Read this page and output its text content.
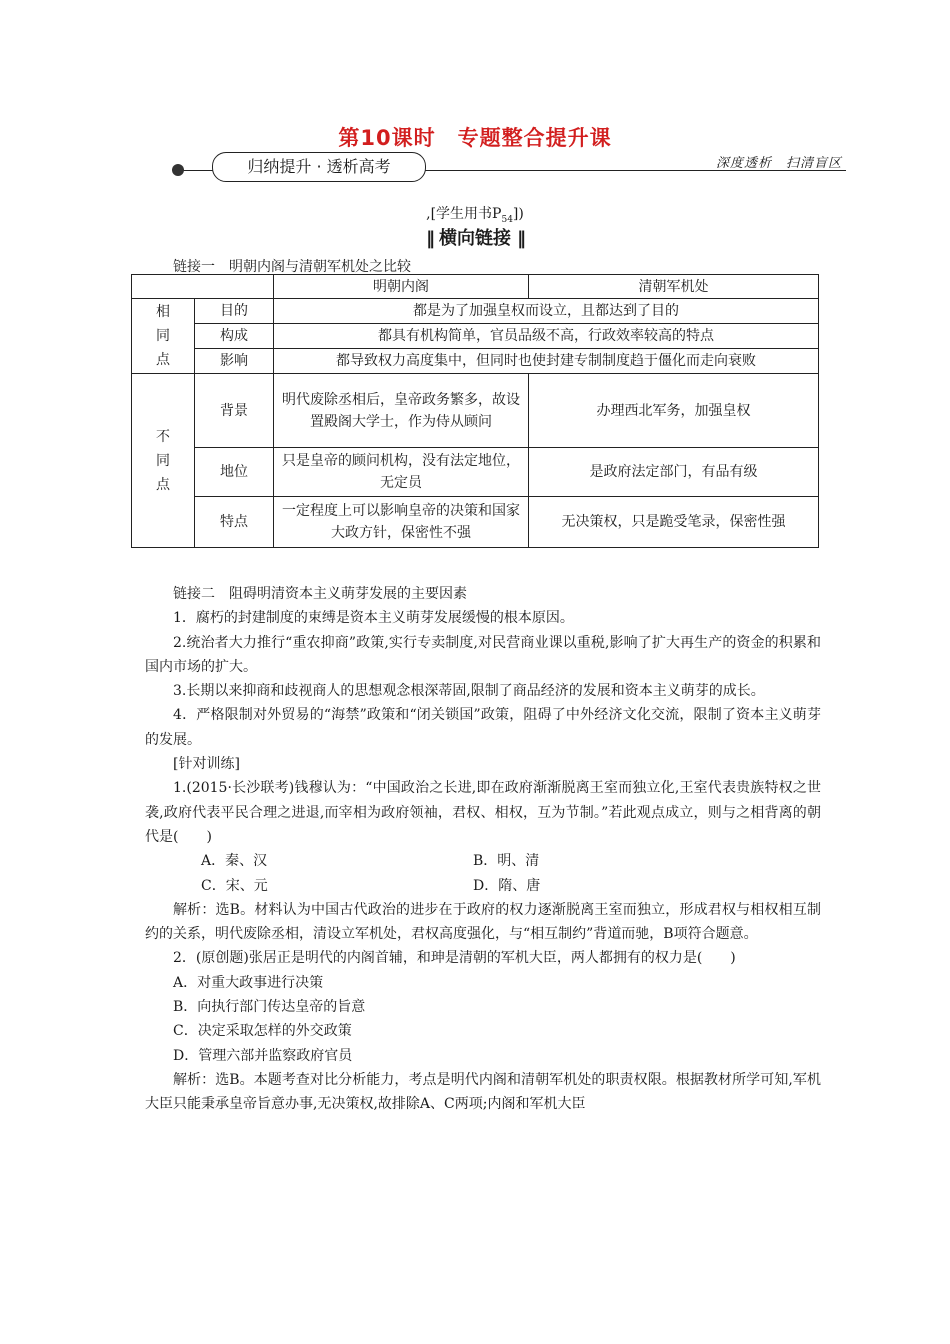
第10课时 专题整合提升课
归纳提升 · 透析高考	深度透析　扫清盲区
,[学生用书$P_{54}$])
‖ 横向链接 ‖
链接一　明朝内阁与清朝军机处之比较
		明朝内阁	清朝军机处

相同点	目的	都是为了加强皇权而设立，且都达到了目的	
	构成	都具有机构简单，官员品级不高，行政效率较高的特点	
	影响	都导致权力高度集中，但同时也使封建专制制度趋于僵化而走向衰败	

不同点	背景	明代废除丞相后，皇帝政务繁多，故设置殿阁大学士，作为侍从顾问	办理西北军务，加强皇权
	地位	只是皇帝的顾问机构，没有法定地位，无定员	是政府法定部门，有品有级
	特点	一定程度上可以影响皇帝的决策和国家大政方针，保密性不强	无决策权，只是跪受笔录，保密性强

链接二　阻碍明清资本主义萌芽发展的主要因素

1．腐朽的封建制度的束缚是资本主义萌芽发展缓慢的根本原因。

2.统治者大力推行“重农抑商”政策,实行专卖制度,对民营商业课以重税,影响了扩大再生产的资金的积累和国内市场的扩大。

3.长期以来抑商和歧视商人的思想观念根深蒂固,限制了商品经济的发展和资本主义萌芽的成长。

4．严格限制对外贸易的“海禁”政策和“闭关锁国”政策，阻碍了中外经济文化交流，限制了资本主义萌芽的发展。

[针对训练]

1.(2015·长沙联考)钱穆认为：“中国政治之长进,即在政府渐渐脱离王室而独立化,王室代表贵族特权之世袭,政府代表平民合理之进退,而宰相为政府领袖，君权、相权，互为节制。”若此观点成立，则与之相背离的朝代是(　　)

A．秦、汉	B．明、清
C．宋、元	D．隋、唐

解析：选B。材料认为中国古代政治的进步在于政府的权力逐渐脱离王室而独立，形成君权与相权相互制约的关系，明代废除丞相，清设立军机处，君权高度强化，与“相互制约”背道而驰，B项符合题意。

2．(原创题)张居正是明代的内阁首辅，和珅是清朝的军机大臣，两人都拥有的权力是(　　)

A．对重大政事进行决策

B．向执行部门传达皇帝的旨意

C．决定采取怎样的外交政策

D．管理六部并监察政府官员

解析：选B。本题考查对比分析能力，考点是明代内阁和清朝军机处的职责权限。根据教材所学可知,军机大臣只能秉承皇帝旨意办事,无决策权,故排除A、C两项;内阁和军机大臣
